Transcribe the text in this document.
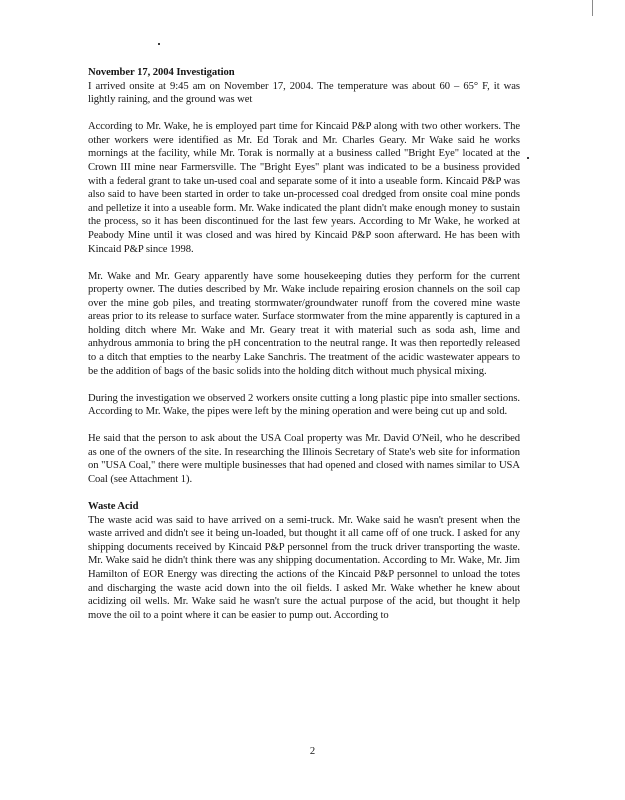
November 17, 2004 Investigation

I arrived onsite at 9:45 am on November 17, 2004. The temperature was about 60 – 65° F, it was lightly raining, and the ground was wet

According to Mr. Wake, he is employed part time for Kincaid P&P along with two other workers. The other workers were identified as Mr. Ed Torak and Mr. Charles Geary. Mr Wake said he works mornings at the facility, while Mr. Torak is normally at a business called "Bright Eye" located at the Crown III mine near Farmersville. The "Bright Eyes" plant was indicated to be a business provided with a federal grant to take un-used coal and separate some of it into a useable form. Kincaid P&P was also said to have been started in order to take un-processed coal dredged from onsite coal mine ponds and pelletize it into a useable form. Mr. Wake indicated the plant didn't make enough money to sustain the process, so it has been discontinued for the last few years. According to Mr Wake, he worked at Peabody Mine until it was closed and was hired by Kincaid P&P soon afterward. He has been with Kincaid P&P since 1998.

Mr. Wake and Mr. Geary apparently have some housekeeping duties they perform for the current property owner. The duties described by Mr. Wake include repairing erosion channels on the soil cap over the mine gob piles, and treating stormwater/groundwater runoff from the covered mine waste areas prior to its release to surface water. Surface stormwater from the mine apparently is captured in a holding ditch where Mr. Wake and Mr. Geary treat it with material such as soda ash, lime and anhydrous ammonia to bring the pH concentration to the neutral range. It was then reportedly released to a ditch that empties to the nearby Lake Sanchris. The treatment of the acidic wastewater appears to be the addition of bags of the basic solids into the holding ditch without much physical mixing.

During the investigation we observed 2 workers onsite cutting a long plastic pipe into smaller sections. According to Mr. Wake, the pipes were left by the mining operation and were being cut up and sold.

He said that the person to ask about the USA Coal property was Mr. David O'Neil, who he described as one of the owners of the site. In researching the Illinois Secretary of State's web site for information on "USA Coal," there were multiple businesses that had opened and closed with names similar to USA Coal (see Attachment 1).

Waste Acid

The waste acid was said to have arrived on a semi-truck. Mr. Wake said he wasn't present when the waste arrived and didn't see it being un-loaded, but thought it all came off of one truck. I asked for any shipping documents received by Kincaid P&P personnel from the truck driver transporting the waste. Mr. Wake said he didn't think there was any shipping documentation. According to Mr. Wake, Mr. Jim Hamilton of EOR Energy was directing the actions of the Kincaid P&P personnel to unload the totes and discharging the waste acid down into the oil fields. I asked Mr. Wake whether he knew about acidizing oil wells. Mr. Wake said he wasn't sure the actual purpose of the acid, but thought it help move the oil to a point where it can be easier to pump out. According to

2
